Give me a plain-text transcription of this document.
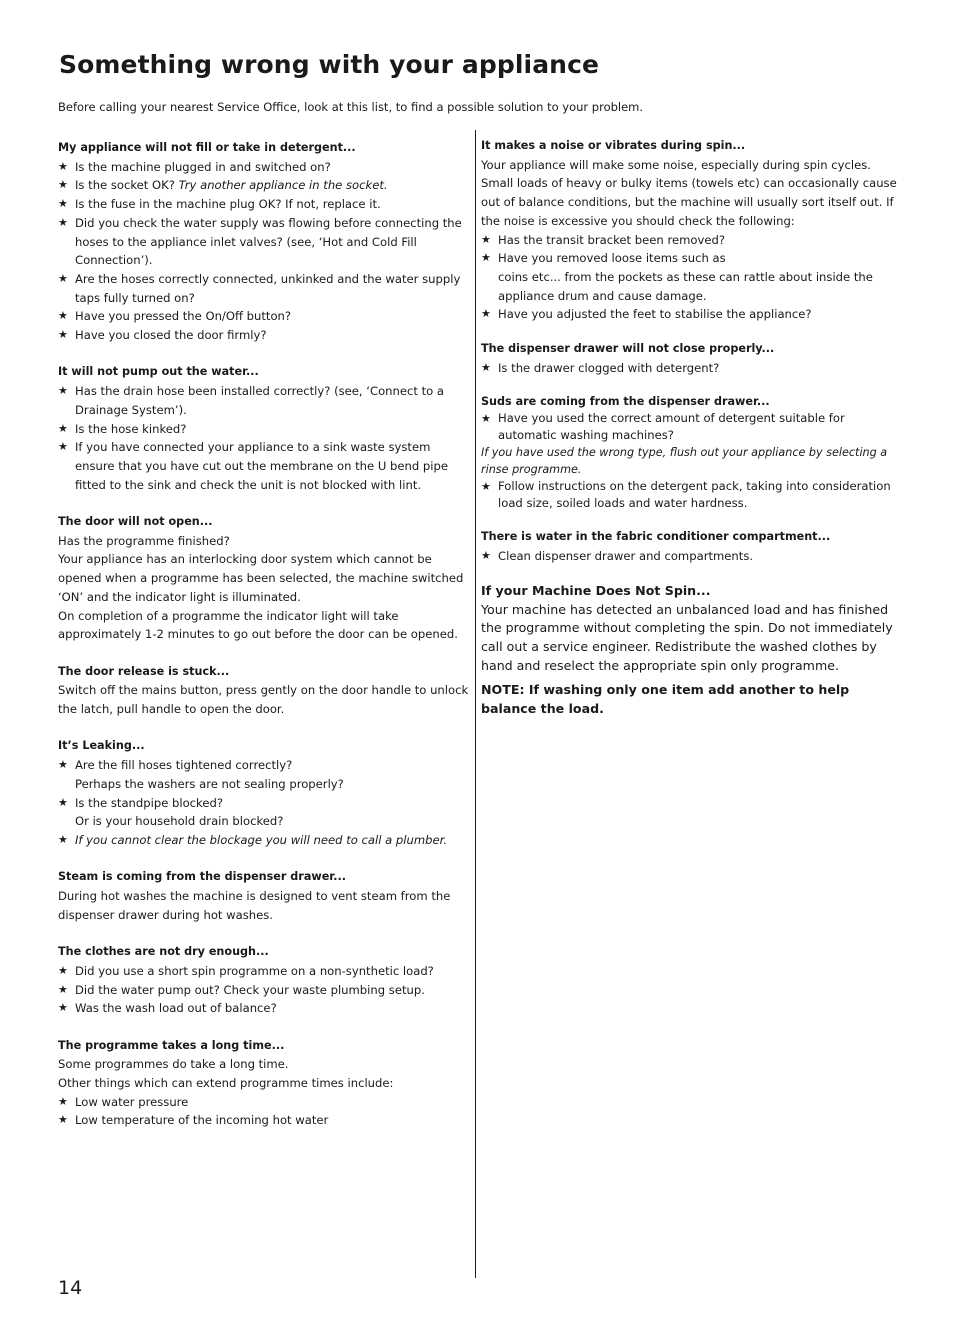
Something wrong with your appliance

Before calling your nearest Service Office, look at this list, to find a possible solution to your problem.

My appliance will not fill or take in detergent...
★ Is the machine plugged in and switched on?
★ Is the socket OK? Try another appliance in the socket.
★ Is the fuse in the machine plug OK? If not, replace it.
★ Did you check the water supply was flowing before connecting the hoses to the appliance inlet valves? (see, ‘Hot and Cold Fill Connection’).
★ Are the hoses correctly connected, unkinked and the water supply taps fully turned on?
★ Have you pressed the On/Off button?
★ Have you closed the door firmly?
It will not pump out the water...
★ Has the drain hose been installed correctly? (see, ‘Connect to a Drainage System’).
★ Is the hose kinked?
★ If you have connected your appliance to a sink waste system ensure that you have cut out the membrane on the U bend pipe fitted to the sink and check the unit is not blocked with lint.
The door will not open...
Has the programme finished?
Your appliance has an interlocking door system which cannot be opened when a programme has been selected, the machine switched ‘ON’ and the indicator light is illuminated.
On completion of a programme the indicator light will take approximately 1-2 minutes to go out before the door can be opened.
The door release is stuck...
Switch off the mains button, press gently on the door handle to unlock the latch, pull handle to open the door.
It’s Leaking...
★ Are the fill hoses tightened correctly?
Perhaps the washers are not sealing properly?
★ Is the standpipe blocked?
Or is your household drain blocked?
★ If you cannot clear the blockage you will need to call a plumber.
Steam is coming from the dispenser drawer...
During hot washes the machine is designed to vent steam from the dispenser drawer during hot washes.
The clothes are not dry enough...
★ Did you use a short spin programme on a non-synthetic load?
★ Did the water pump out? Check your waste plumbing setup.
★ Was the wash load out of balance?
The programme takes a long time...
Some programmes do take a long time.
Other things which can extend programme times include:
★ Low water pressure
★ Low temperature of the incoming hot water
It makes a noise or vibrates during spin...
Your appliance will make some noise, especially during spin cycles. Small loads of heavy or bulky items (towels etc) can occasionally cause out of balance conditions, but the machine will usually sort itself out. If the noise is excessive you should check the following:
★ Has the transit bracket been removed?
★ Have you removed loose items such as
coins etc... from the pockets as these can rattle about inside the appliance drum and cause damage.
★ Have you adjusted the feet to stabilise the appliance?
The dispenser drawer will not close properly...
★ Is the drawer clogged with detergent?
Suds are coming from the dispenser drawer...
★ Have you used the correct amount of detergent suitable for automatic washing machines?
If you have used the wrong type, flush out your appliance by selecting a rinse programme.
★ Follow instructions on the detergent pack, taking into consideration load size, soiled loads and water hardness.
There is water in the fabric conditioner compartment...
★ Clean dispenser drawer and compartments.
If your Machine Does Not Spin...
Your machine has detected an unbalanced load and has finished the programme without completing the spin. Do not immediately call out a service engineer. Redistribute the washed clothes by hand and reselect the appropriate spin only programme.
NOTE: If washing only one item add another to help balance the load.

14
